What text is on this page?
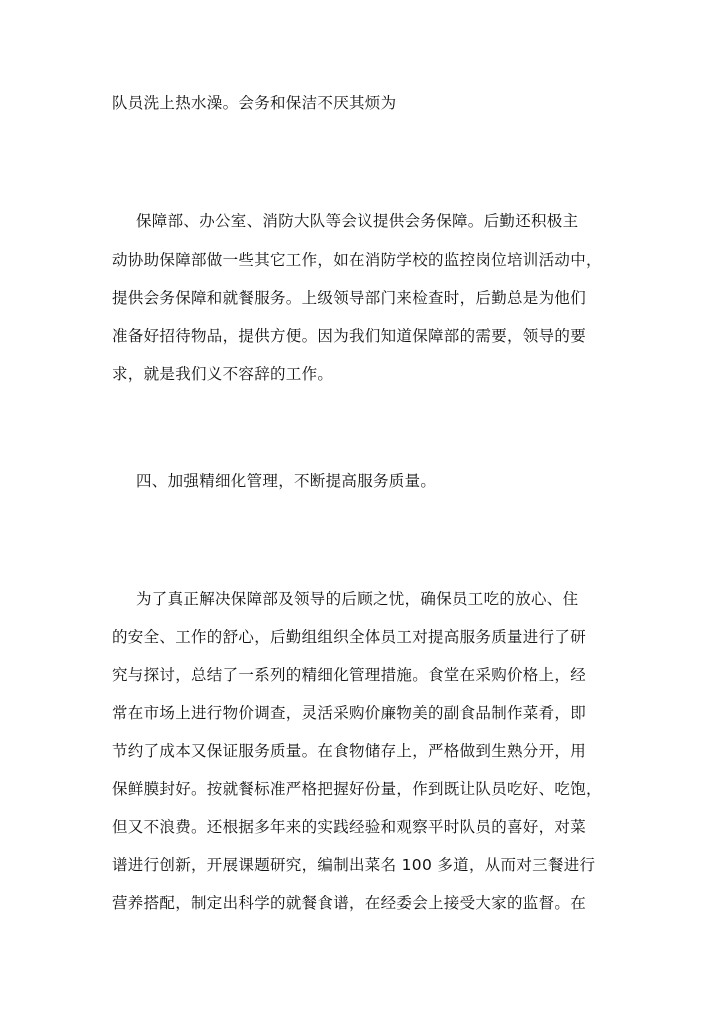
队员洗上热水澡。会务和保洁不厌其烦为
保障部、办公室、消防大队等会议提供会务保障。后勤还积极主
动协助保障部做一些其它工作，如在消防学校的监控岗位培训活动中，
提供会务保障和就餐服务。上级领导部门来检查时，后勤总是为他们
准备好招待物品，提供方便。因为我们知道保障部的需要，领导的要
求，就是我们义不容辞的工作。
四、加强精细化管理，不断提高服务质量。
为了真正解决保障部及领导的后顾之忧，确保员工吃的放心、住
的安全、工作的舒心，后勤组组织全体员工对提高服务质量进行了研
究与探讨，总结了一系列的精细化管理措施。食堂在采购价格上，经
常在市场上进行物价调查，灵活采购价廉物美的副食品制作菜肴，即
节约了成本又保证服务质量。在食物储存上，严格做到生熟分开，用
保鲜膜封好。按就餐标准严格把握好份量，作到既让队员吃好、吃饱，
但又不浪费。还根据多年来的实践经验和观察平时队员的喜好，对菜
谱进行创新，开展课题研究，编制出菜名 100 多道，从而对三餐进行
营养搭配，制定出科学的就餐食谱，在经委会上接受大家的监督。在
